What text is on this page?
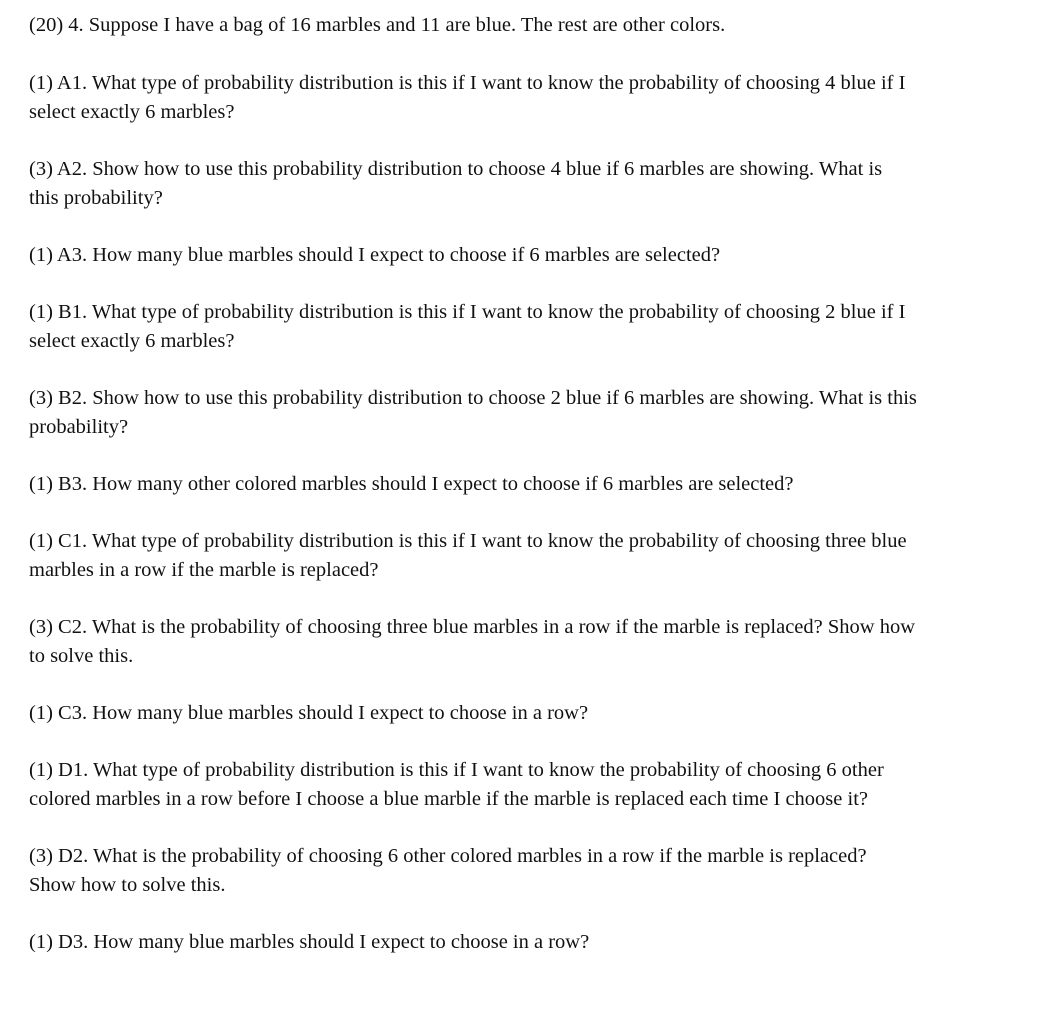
(20) 4. Suppose I have a bag of 16 marbles and 11 are blue. The rest are other colors.

(1) A1. What type of probability distribution is this if I want to know the probability of choosing 4 blue if I

select exactly 6 marbles?

(3) A2. Show how to use this probability distribution to choose 4 blue if 6 marbles are showing. What is

this probability?

(1) A3. How many blue marbles should I expect to choose if 6 marbles are selected?

(1) B1. What type of probability distribution is this if I want to know the probability of choosing 2 blue if I

select exactly 6 marbles?

(3) B2. Show how to use this probability distribution to choose 2 blue if 6 marbles are showing. What is this

probability?

(1) B3. How many other colored marbles should I expect to choose if 6 marbles are selected?

(1) C1. What type of probability distribution is this if I want to know the probability of choosing three blue

marbles in a row if the marble is replaced?

(3) C2. What is the probability of choosing three blue marbles in a row if the marble is replaced? Show how

to solve this.

(1) C3. How many blue marbles should I expect to choose in a row?

(1) D1. What type of probability distribution is this if I want to know the probability of choosing 6 other

colored marbles in a row before I choose a blue marble if the marble is replaced each time I choose it?

(3) D2. What is the probability of choosing 6 other colored marbles in a row if the marble is replaced?

Show how to solve this.

(1) D3. How many blue marbles should I expect to choose in a row?
